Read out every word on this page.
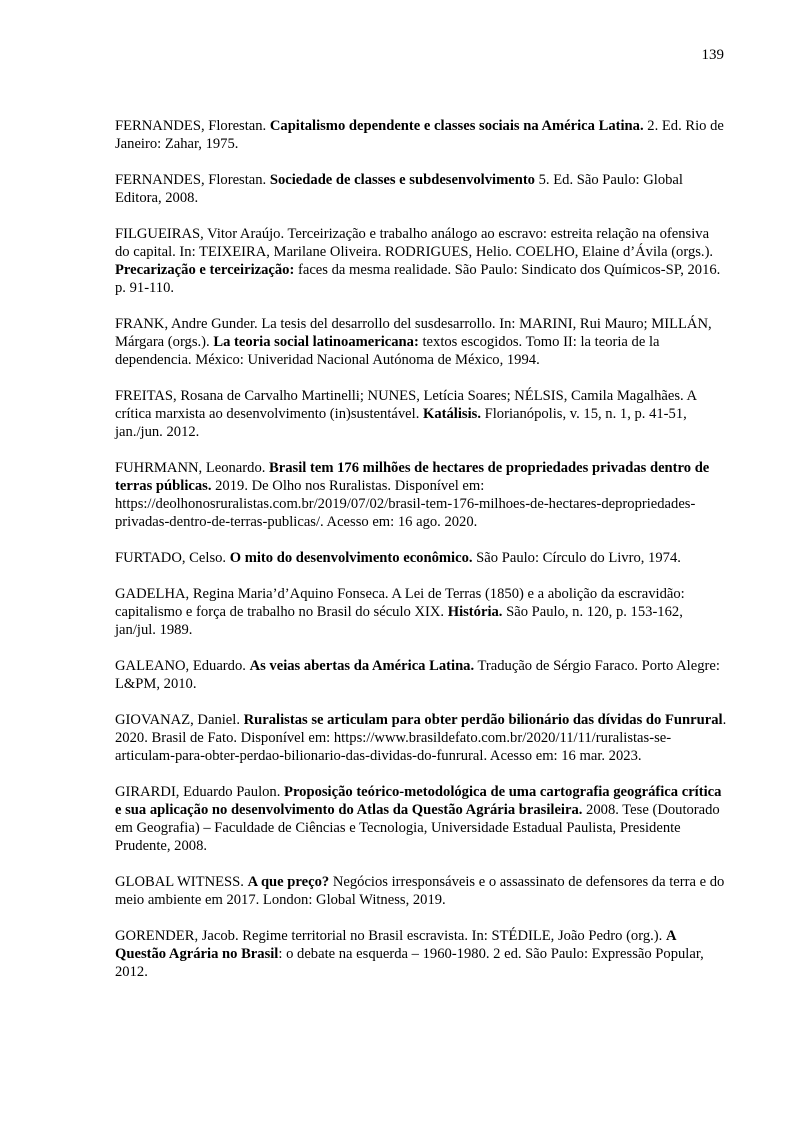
139

FERNANDES, Florestan. Capitalismo dependente e classes sociais na América Latina. 2. Ed. Rio de Janeiro: Zahar, 1975.

FERNANDES, Florestan. Sociedade de classes e subdesenvolvimento 5. Ed. São Paulo: Global Editora, 2008.

FILGUEIRAS, Vitor Araújo. Terceirização e trabalho análogo ao escravo: estreita relação na ofensiva do capital. In: TEIXEIRA, Marilane Oliveira. RODRIGUES, Helio. COELHO, Elaine d’Ávila (orgs.). Precarização e terceirização: faces da mesma realidade. São Paulo: Sindicato dos Químicos-SP, 2016. p. 91-110.

FRANK, Andre Gunder. La tesis del desarrollo del susdesarrollo. In: MARINI, Rui Mauro; MILLÁN, Márgara (orgs.). La teoria social latinoamericana: textos escogidos. Tomo II: la teoria de la dependencia. México: Univeridad Nacional Autónoma de México, 1994.

FREITAS, Rosana de Carvalho Martinelli; NUNES, Letícia Soares; NÉLSIS, Camila Magalhães. A crítica marxista ao desenvolvimento (in)sustentável. Katálisis. Florianópolis, v. 15, n. 1, p. 41-51, jan./jun. 2012.

FUHRMANN, Leonardo. Brasil tem 176 milhões de hectares de propriedades privadas dentro de terras públicas. 2019. De Olho nos Ruralistas. Disponível em: https://deolhonosruralistas.com.br/2019/07/02/brasil-tem-176-milhoes-de-hectares-depropriedades-privadas-dentro-de-terras-publicas/. Acesso em: 16 ago. 2020.

FURTADO, Celso. O mito do desenvolvimento econômico. São Paulo: Círculo do Livro, 1974.

GADELHA, Regina Maria’d’Aquino Fonseca. A Lei de Terras (1850) e a abolição da escravidão: capitalismo e força de trabalho no Brasil do século XIX. História. São Paulo, n. 120, p. 153-162, jan/jul. 1989.

GALEANO, Eduardo. As veias abertas da América Latina. Tradução de Sérgio Faraco. Porto Alegre: L&PM, 2010.

GIOVANAZ, Daniel. Ruralistas se articulam para obter perdão bilionário das dívidas do Funrural. 2020. Brasil de Fato. Disponível em: https://www.brasildefato.com.br/2020/11/11/ruralistas-se-articulam-para-obter-perdao-bilionario-das-dividas-do-funrural. Acesso em: 16 mar. 2023.

GIRARDI, Eduardo Paulon. Proposição teórico-metodológica de uma cartografia geográfica crítica e sua aplicação no desenvolvimento do Atlas da Questão Agrária brasileira. 2008. Tese (Doutorado em Geografia) – Faculdade de Ciências e Tecnologia, Universidade Estadual Paulista, Presidente Prudente, 2008.

GLOBAL WITNESS. A que preço? Negócios irresponsáveis e o assassinato de defensores da terra e do meio ambiente em 2017. London: Global Witness, 2019.

GORENDER, Jacob. Regime territorial no Brasil escravista. In: STÉDILE, João Pedro (org.). A Questão Agrária no Brasil: o debate na esquerda – 1960-1980. 2 ed. São Paulo: Expressão Popular, 2012.
